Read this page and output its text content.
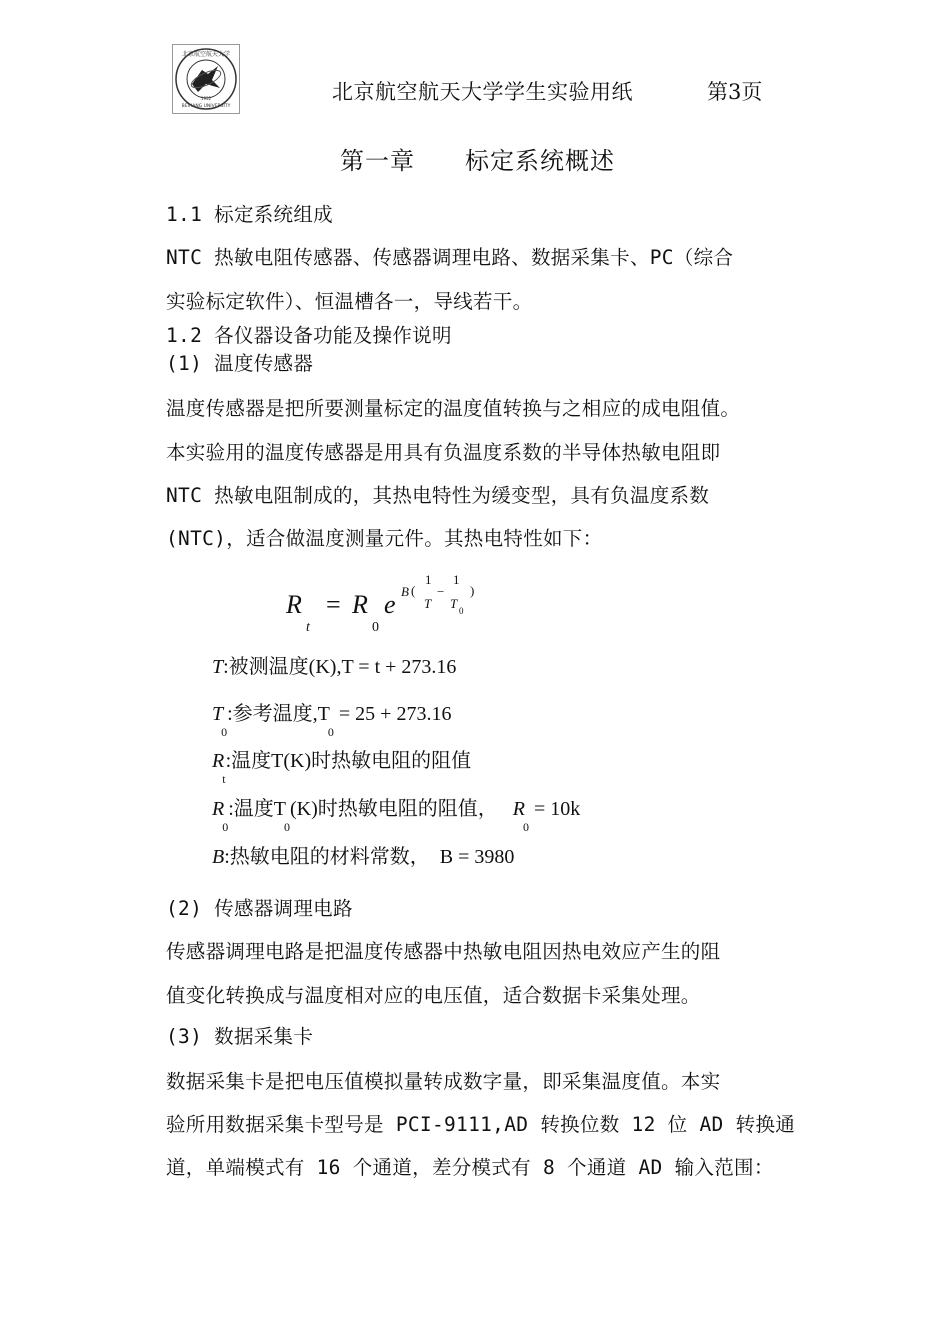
北京航空航天大学
BEIHANG UNIVERSITY
1952	北京航空航天大学学生实验用纸	第3页
第一章　　标定系统概述
1.1 标定系统组成
NTC 热敏电阻传感器、传感器调理电路、数据采集卡、PC（综合
实验标定软件）、恒温槽各一，导线若干。
1.2 各仪器设备功能及操作说明
(1) 温度传感器
温度传感器是把所要测量标定的温度值转换与之相应的成电阻值。
本实验用的温度传感器是用具有负温度系数的半导体热敏电阻即
NTC 热敏电阻制成的，其热电特性为缓变型，具有负温度系数
(NTC)，适合做温度测量元件。其热电特性如下：
R
t
= R
0
e B (
1
T
−
1
T 0
)
T:被测温度(K),T = t + 273.16
$T_0$:参考温度$,T_0 = 25 + 273.16$
$R_t$:温度T(K)时热敏电阻的阻值
$R_0$:温度$T_0(K)$时热敏电阻的阻值， $R_0 = 10k$
B:热敏电阻的材料常数， B = 3980
(2) 传感器调理电路
传感器调理电路是把温度传感器中热敏电阻因热电效应产生的阻
值变化转换成与温度相对应的电压值，适合数据卡采集处理。
(3) 数据采集卡
数据采集卡是把电压值模拟量转成数字量，即采集温度值。本实
验所用数据采集卡型号是 PCI-9111,AD 转换位数 12 位 AD 转换通
道，单端模式有 16 个通道，差分模式有 8 个通道 AD 输入范围：
